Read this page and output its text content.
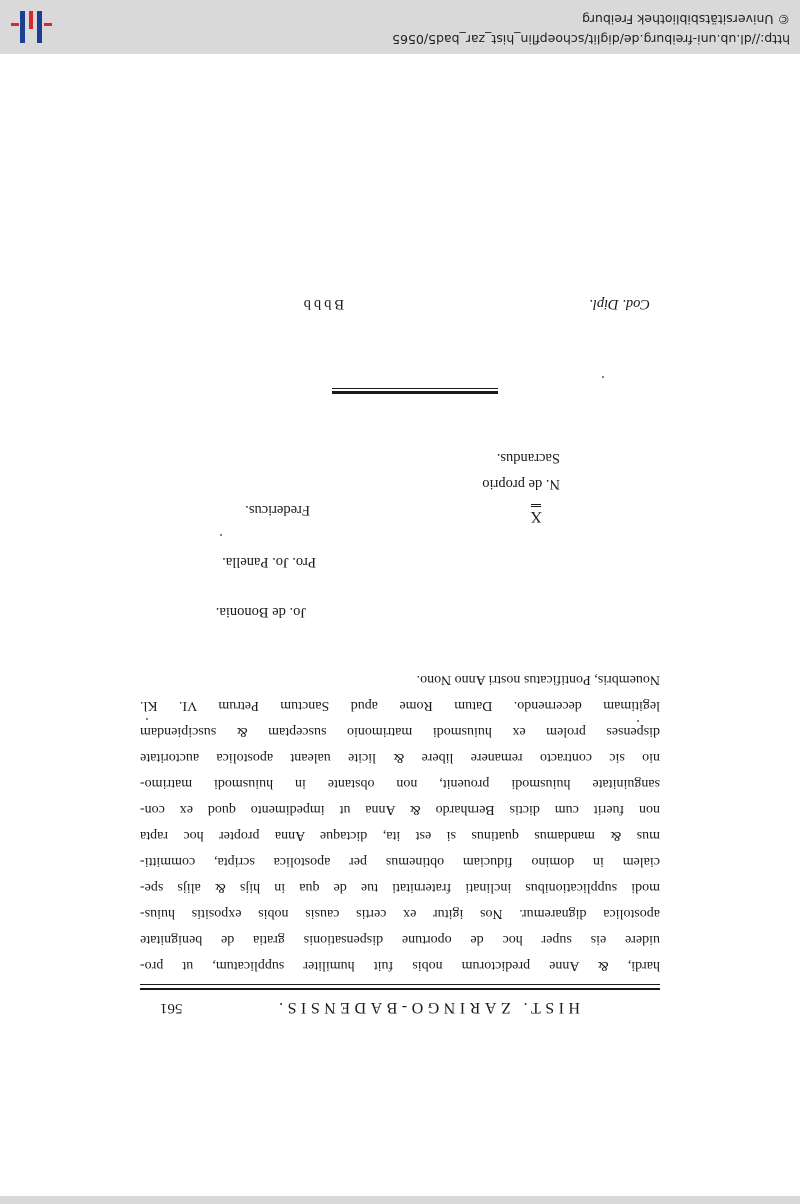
HIST. ZARINGO-BADENSIS.
561
hardi, & Anne predictorum nobis fuit humiliter supplicatum, ut pro-
uidere eis super hoc de oportune dispensationis gratia de benignitate
apostolica dignaremur. Nos igitur ex certis causis nobis expositis huius-
modi supplicationibus inclinati fraternitati tue de qua in hijs & alijs spe-
cialem in domino fiduciam obtinemus per apostolica scripta, committi-
mus & mandamus quatinus si est ita, dictaque Anna propter hoc rapta
non fuerit cum dictis Bernhardo & Anna ut impedimento quod ex con-
sanguinitate huiusmodi prouenit, non obstante in huiusmodi matrimo-
nio sic contracto remanere libere & licite ualeant apostolica auctoritate
dispenses prolem ex huiusmodi matrimonio susceptam & suscipiendam
legitimam decernendo. Datum Rome apud Sanctum Petrum VI. Kl.
Nouembris, Pontificatus nostri Anno Nono.
Jo. de Bononia.
Pro. Jo. Panella.
Fredericus.	X
N. de proprio
Sacrandus.
Cod. Dipl.
Bbbb
http://dl.ub.uni-freiburg.de/diglit/schoepflin_hist_zar_bad5/0565
© Universitätsbibliothek Freiburg
